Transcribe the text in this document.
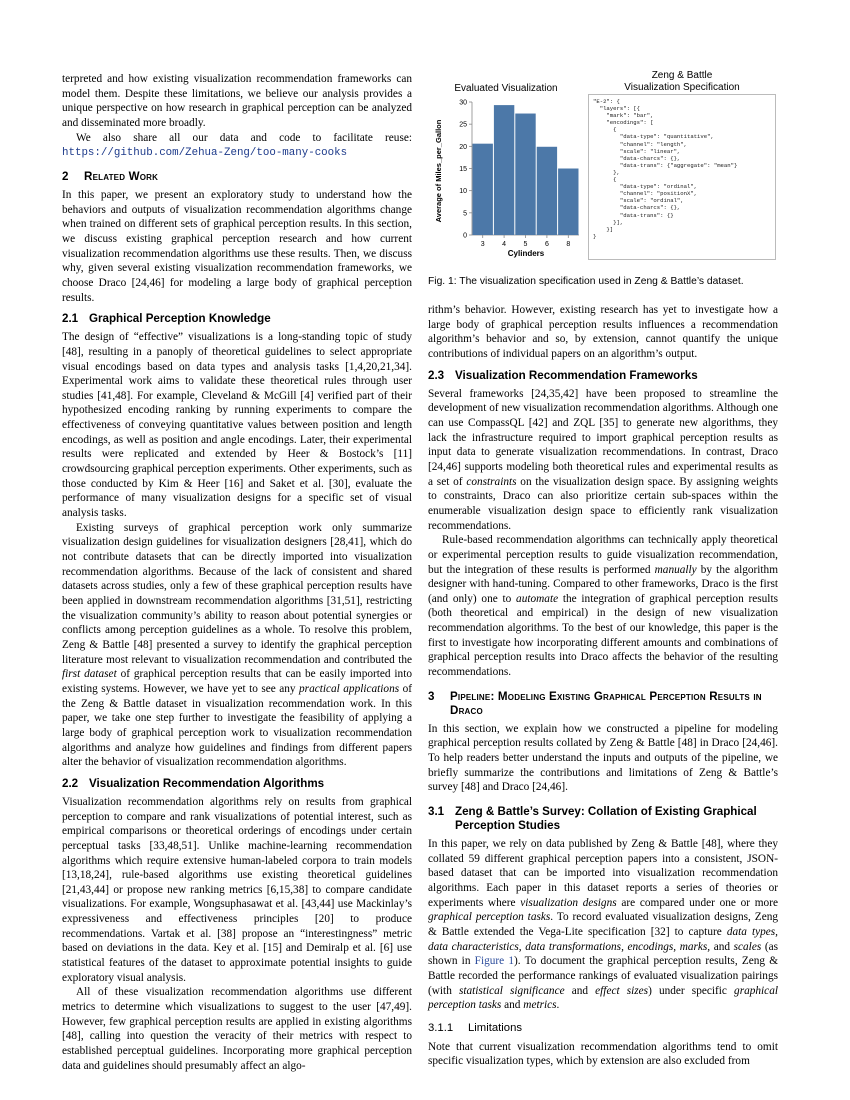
terpreted and how existing visualization recommendation frameworks can model them. Despite these limitations, we believe our analysis provides a unique perspective on how research in graphical perception can be analyzed and disseminated more broadly.

We also share all our data and code to facilitate reuse: https://github.com/Zehua-Zeng/too-many-cooks

2 Related Work

In this paper, we present an exploratory study to understand how the behaviors and outputs of visualization recommendation algorithms change when trained on different sets of graphical perception results. In this section, we discuss existing graphical perception research and how current visualization recommendation algorithms use these results. Then, we discuss why, given several existing visualization recommendation frameworks, we choose Draco [24,46] for modeling a large body of graphical perception results.

2.1 Graphical Perception Knowledge

The design of “effective” visualizations is a long-standing topic of study [48], resulting in a panoply of theoretical guidelines to select appropriate visual encodings based on data types and analysis tasks [1,4,20,21,34]. Experimental work aims to validate these theoretical rules through user studies [41,48]. For example, Cleveland & McGill [4] verified part of their hypothesized encoding ranking by running experiments to compare the effectiveness of conveying quantitative values between position and length encodings, as well as position and angle encodings. Later, their experimental results were replicated and extended by Heer & Bostock’s [11] crowdsourcing graphical perception experiments. Other experiments, such as those conducted by Kim & Heer [16] and Saket et al. [30], evaluate the performance of many visualization designs for a specific set of visual analysis tasks.

Existing surveys of graphical perception work only summarize visualization design guidelines for visualization designers [28,41], which do not contribute datasets that can be directly imported into visualization recommendation algorithms. Because of the lack of consistent and shared datasets across studies, only a few of these graphical perception results have been applied in downstream recommendation algorithms [31,51], restricting the visualization community’s ability to reason about potential synergies or conflicts among perception guidelines as a whole. To resolve this problem, Zeng & Battle [48] presented a survey to identify the graphical perception literature most relevant to visualization recommendation and contributed the first dataset of graphical perception results that can be easily imported into existing systems. However, we have yet to see any practical applications of the Zeng & Battle dataset in visualization recommendation work. In this paper, we take one step further to investigate the feasibility of applying a large body of graphical perception work to visualization recommendation algorithms and analyze how guidelines and findings from different papers alter the behavior of visualization recommendation algorithms.

2.2 Visualization Recommendation Algorithms

Visualization recommendation algorithms rely on results from graphical perception to compare and rank visualizations of potential interest, such as empirical comparisons or theoretical orderings of encodings under certain perceptual tasks [33,48,51]. Unlike machine-learning recommendation algorithms which require extensive human-labeled corpora to train models [13,18,24], rule-based algorithms use existing theoretical guidelines [21,43,44] or propose new ranking metrics [6,15,38] to compare candidate visualizations. For example, Wongsuphasawat et al. [43,44] use Mackinlay’s expressiveness and effectiveness principles [20] to produce recommendations. Vartak et al. [38] propose an “interestingness” metric based on deviations in the data. Key et al. [15] and Demiralp et al. [6] use statistical features of the dataset to approximate potential insights to guide exploratory visual analysis.

All of these visualization recommendation algorithms use different metrics to determine which visualizations to suggest to the user [47,49]. However, few graphical perception results are applied in existing algorithms [48], calling into question the veracity of their metrics with respect to established perceptual guidelines. Incorporating more graphical perception data and guidelines should presumably affect an algo-

Evaluated Visualization
0
5
10
15
20
25
30
3 4 5 6 8
Cylinders
Average of Miles_per_Gallon
Zeng & Battle
Visualization Specification
"E-2": {
"layers": [{
"mark": "bar",
"encodings": [
{
"data-type": "quantitative",
"channel": "length",
"scale": "linear",
"data-charcs": {},
"data-trans": {"aggregate": "mean"}
},
{
"data-type": "ordinal",
"channel": "positionX",
"scale": "ordinal",
"data-charcs": {},
"data-trans": {}
}],
}]
}
Fig. 1: The visualization specification used in Zeng & Battle’s dataset.

rithm’s behavior. However, existing research has yet to investigate how a large body of graphical perception results influences a recommendation algorithm’s behavior and so, by extension, cannot quantify the unique contributions of individual papers on an algorithm’s output.

2.3 Visualization Recommendation Frameworks

Several frameworks [24,35,42] have been proposed to streamline the development of new visualization recommendation algorithms. Although one can use CompassQL [42] and ZQL [35] to generate new algorithms, they lack the infrastructure required to import graphical perception results as input data to generate visualization recommendations. In contrast, Draco [24,46] supports modeling both theoretical rules and experimental results as a set of constraints on the visualization design space. By assigning weights to constraints, Draco can also prioritize certain sub-spaces within the enumerable visualization design space to efficiently rank visualization recommendations.

Rule-based recommendation algorithms can technically apply theoretical or experimental perception results to guide visualization recommendation, but the integration of these results is performed manually by the algorithm designer with hand-tuning. Compared to other frameworks, Draco is the first (and only) one to automate the integration of graphical perception results (both theoretical and empirical) in the design of new visualization recommendation algorithms. To the best of our knowledge, this paper is the first to investigate how incorporating different amounts and combinations of graphical perception results into Draco affects the behavior of the resulting recommendations.

3	Pipeline: Modeling Existing Graphical Perception Results in Draco

In this section, we explain how we constructed a pipeline for modeling graphical perception results collated by Zeng & Battle [48] in Draco [24,46]. To help readers better understand the inputs and outputs of the pipeline, we briefly summarize the contributions and limitations of Zeng & Battle’s survey [48] and Draco [24,46].

3.1 Zeng & Battle’s Survey: Collation of Existing Graphical Perception Studies

In this paper, we rely on data published by Zeng & Battle [48], where they collated 59 different graphical perception papers into a consistent, JSON-based dataset that can be imported into visualization recommendation algorithms. Each paper in this dataset reports a series of theories or experiments where visualization designs are compared under one or more graphical perception tasks. To record evaluated visualization designs, Zeng & Battle extended the Vega-Lite specification [32] to capture data types, data characteristics, data transformations, encodings, marks, and scales (as shown in Figure 1). To document the graphical perception results, Zeng & Battle recorded the performance rankings of evaluated visualization pairings (with statistical significance and effect sizes) under specific graphical perception tasks and metrics.

3.1.1 Limitations

Note that current visualization recommendation algorithms tend to omit specific visualization types, which by extension are also excluded from
